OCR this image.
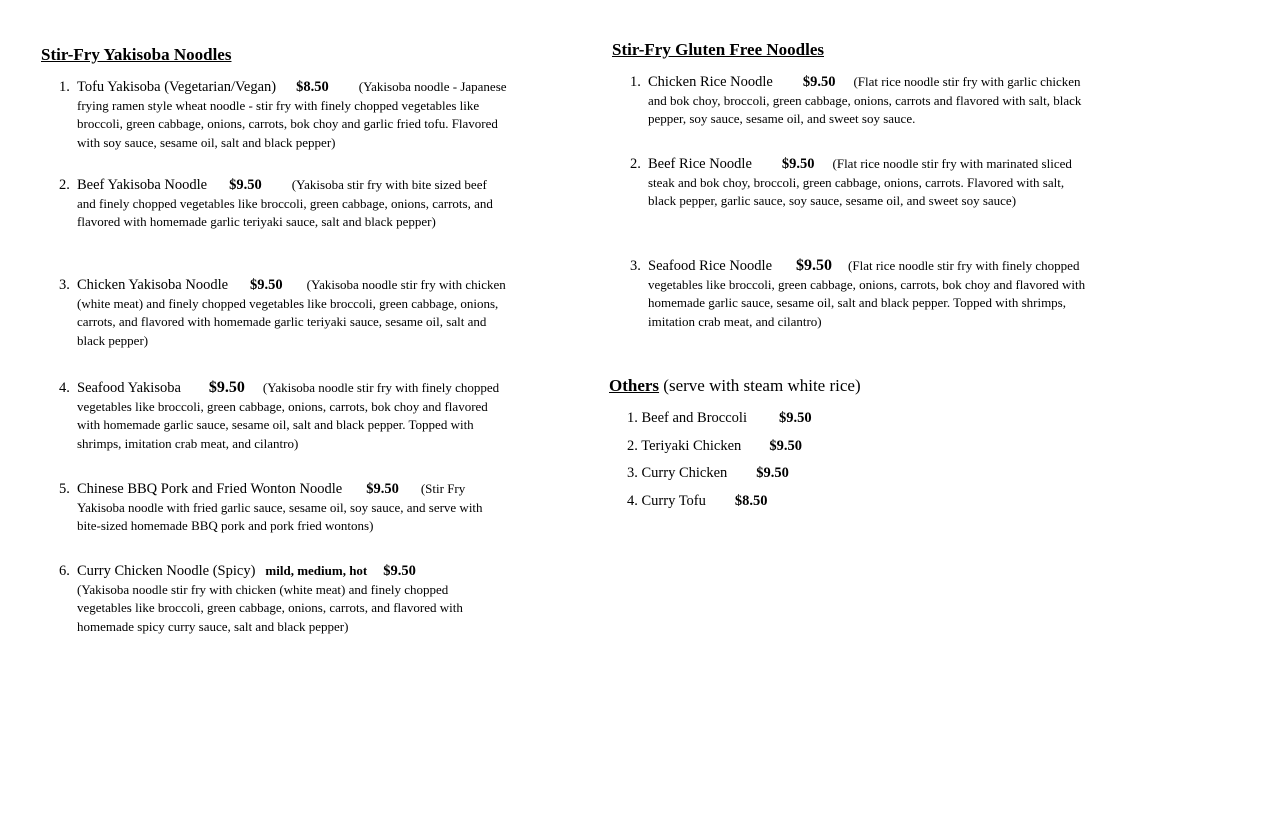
Stir-Fry Yakisoba Noodles
1. Tofu Yakisoba (Vegetarian/Vegan) $8.50 (Yakisoba noodle - Japanese frying ramen style wheat noodle - stir fry with finely chopped vegetables like broccoli, green cabbage, onions, carrots, bok choy and garlic fried tofu. Flavored with soy sauce, sesame oil, salt and black pepper)
2. Beef Yakisoba Noodle $9.50 (Yakisoba stir fry with bite sized beef and finely chopped vegetables like broccoli, green cabbage, onions, carrots, and flavored with homemade garlic teriyaki sauce, salt and black pepper)
3. Chicken Yakisoba Noodle $9.50 (Yakisoba noodle stir fry with chicken (white meat) and finely chopped vegetables like broccoli, green cabbage, onions, carrots, and flavored with homemade garlic teriyaki sauce, sesame oil, salt and black pepper)
4. Seafood Yakisoba $9.50 (Yakisoba noodle stir fry with finely chopped vegetables like broccoli, green cabbage, onions, carrots, bok choy and flavored with homemade garlic sauce, sesame oil, salt and black pepper. Topped with shrimps, imitation crab meat, and cilantro)
5. Chinese BBQ Pork and Fried Wonton Noodle $9.50 (Stir Fry Yakisoba noodle with fried garlic sauce, sesame oil, soy sauce, and serve with bite-sized homemade BBQ pork and pork fried wontons)
6. Curry Chicken Noodle (Spicy) mild, medium, hot $9.50
(Yakisoba noodle stir fry with chicken (white meat) and finely chopped vegetables like broccoli, green cabbage, onions, carrots, and flavored with homemade spicy curry sauce, salt and black pepper)
Stir-Fry Gluten Free Noodles
1. Chicken Rice Noodle $9.50 (Flat rice noodle stir fry with garlic chicken and bok choy, broccoli, green cabbage, onions, carrots and flavored with salt, black pepper, soy sauce, sesame oil, and sweet soy sauce.
2. Beef Rice Noodle $9.50 (Flat rice noodle stir fry with marinated sliced steak and bok choy, broccoli, green cabbage, onions, carrots. Flavored with salt, black pepper, garlic sauce, soy sauce, sesame oil, and sweet soy sauce)
3. Seafood Rice Noodle $9.50 (Flat rice noodle stir fry with finely chopped vegetables like broccoli, green cabbage, onions, carrots, bok choy and flavored with homemade garlic sauce, sesame oil, salt and black pepper. Topped with shrimps, imitation crab meat, and cilantro)
Others (serve with steam white rice)
1. Beef and Broccoli $9.50
2. Teriyaki Chicken $9.50
3. Curry Chicken $9.50
4. Curry Tofu $8.50
